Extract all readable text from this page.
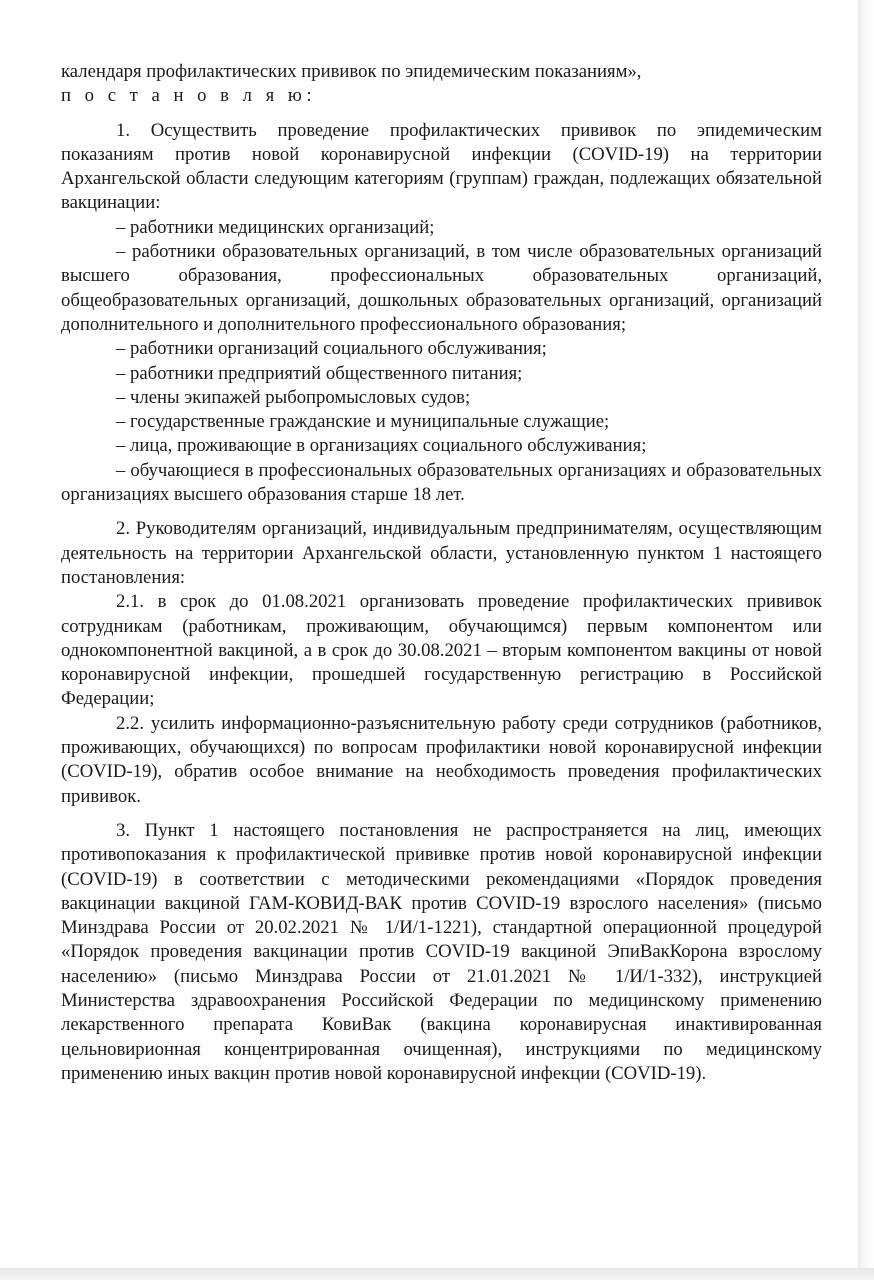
календаря профилактических прививок по эпидемическим показаниям»,

п о с т а н о в л я ю:

1. Осуществить проведение профилактических прививок по эпидемическим показаниям против новой коронавирусной инфекции (COVID-19) на территории Архангельской области следующим категориям (группам) граждан, подлежащих обязательной вакцинации:

– работники медицинских организаций;

– работники образовательных организаций, в том числе образовательных организаций высшего образования, профессиональных образовательных организаций, общеобразовательных организаций, дошкольных образовательных организаций, организаций дополнительного и дополнительного профессионального образования;

– работники организаций социального обслуживания;

– работники предприятий общественного питания;

– члены экипажей рыбопромысловых судов;

– государственные гражданские и муниципальные служащие;

– лица, проживающие в организациях социального обслуживания;

– обучающиеся в профессиональных образовательных организациях и образовательных организациях высшего образования старше 18 лет.

2. Руководителям организаций, индивидуальным предпринимателям, осуществляющим деятельность на территории Архангельской области, установленную пунктом 1 настоящего постановления:

2.1. в срок до 01.08.2021 организовать проведение профилактических прививок сотрудникам (работникам, проживающим, обучающимся) первым компонентом или однокомпонентной вакциной, а в срок до 30.08.2021 – вторым компонентом вакцины от новой коронавирусной инфекции, прошедшей государственную регистрацию в Российской Федерации;

2.2. усилить информационно-разъяснительную работу среди сотрудников (работников, проживающих, обучающихся) по вопросам профилактики новой коронавирусной инфекции (COVID-19), обратив особое внимание на необходимость проведения профилактических прививок.

3. Пункт 1 настоящего постановления не распространяется на лиц, имеющих противопоказания к профилактической прививке против новой коронавирусной инфекции (COVID-19) в соответствии с методическими рекомендациями «Порядок проведения вакцинации вакциной ГАМ-КОВИД-ВАК против COVID-19 взрослого населения» (письмо Минздрава России от 20.02.2021 № 1/И/1-1221), стандартной операционной процедурой «Порядок проведения вакцинации против COVID-19 вакциной ЭпиВакКорона взрослому населению» (письмо Минздрава России от 21.01.2021 № 1/И/1-332), инструкцией Министерства здравоохранения Российской Федерации по медицинскому применению лекарственного препарата КовиВак (вакцина коронавирусная инактивированная цельновирионная концентрированная очищенная), инструкциями по медицинскому применению иных вакцин против новой коронавирусной инфекции (COVID-19).
